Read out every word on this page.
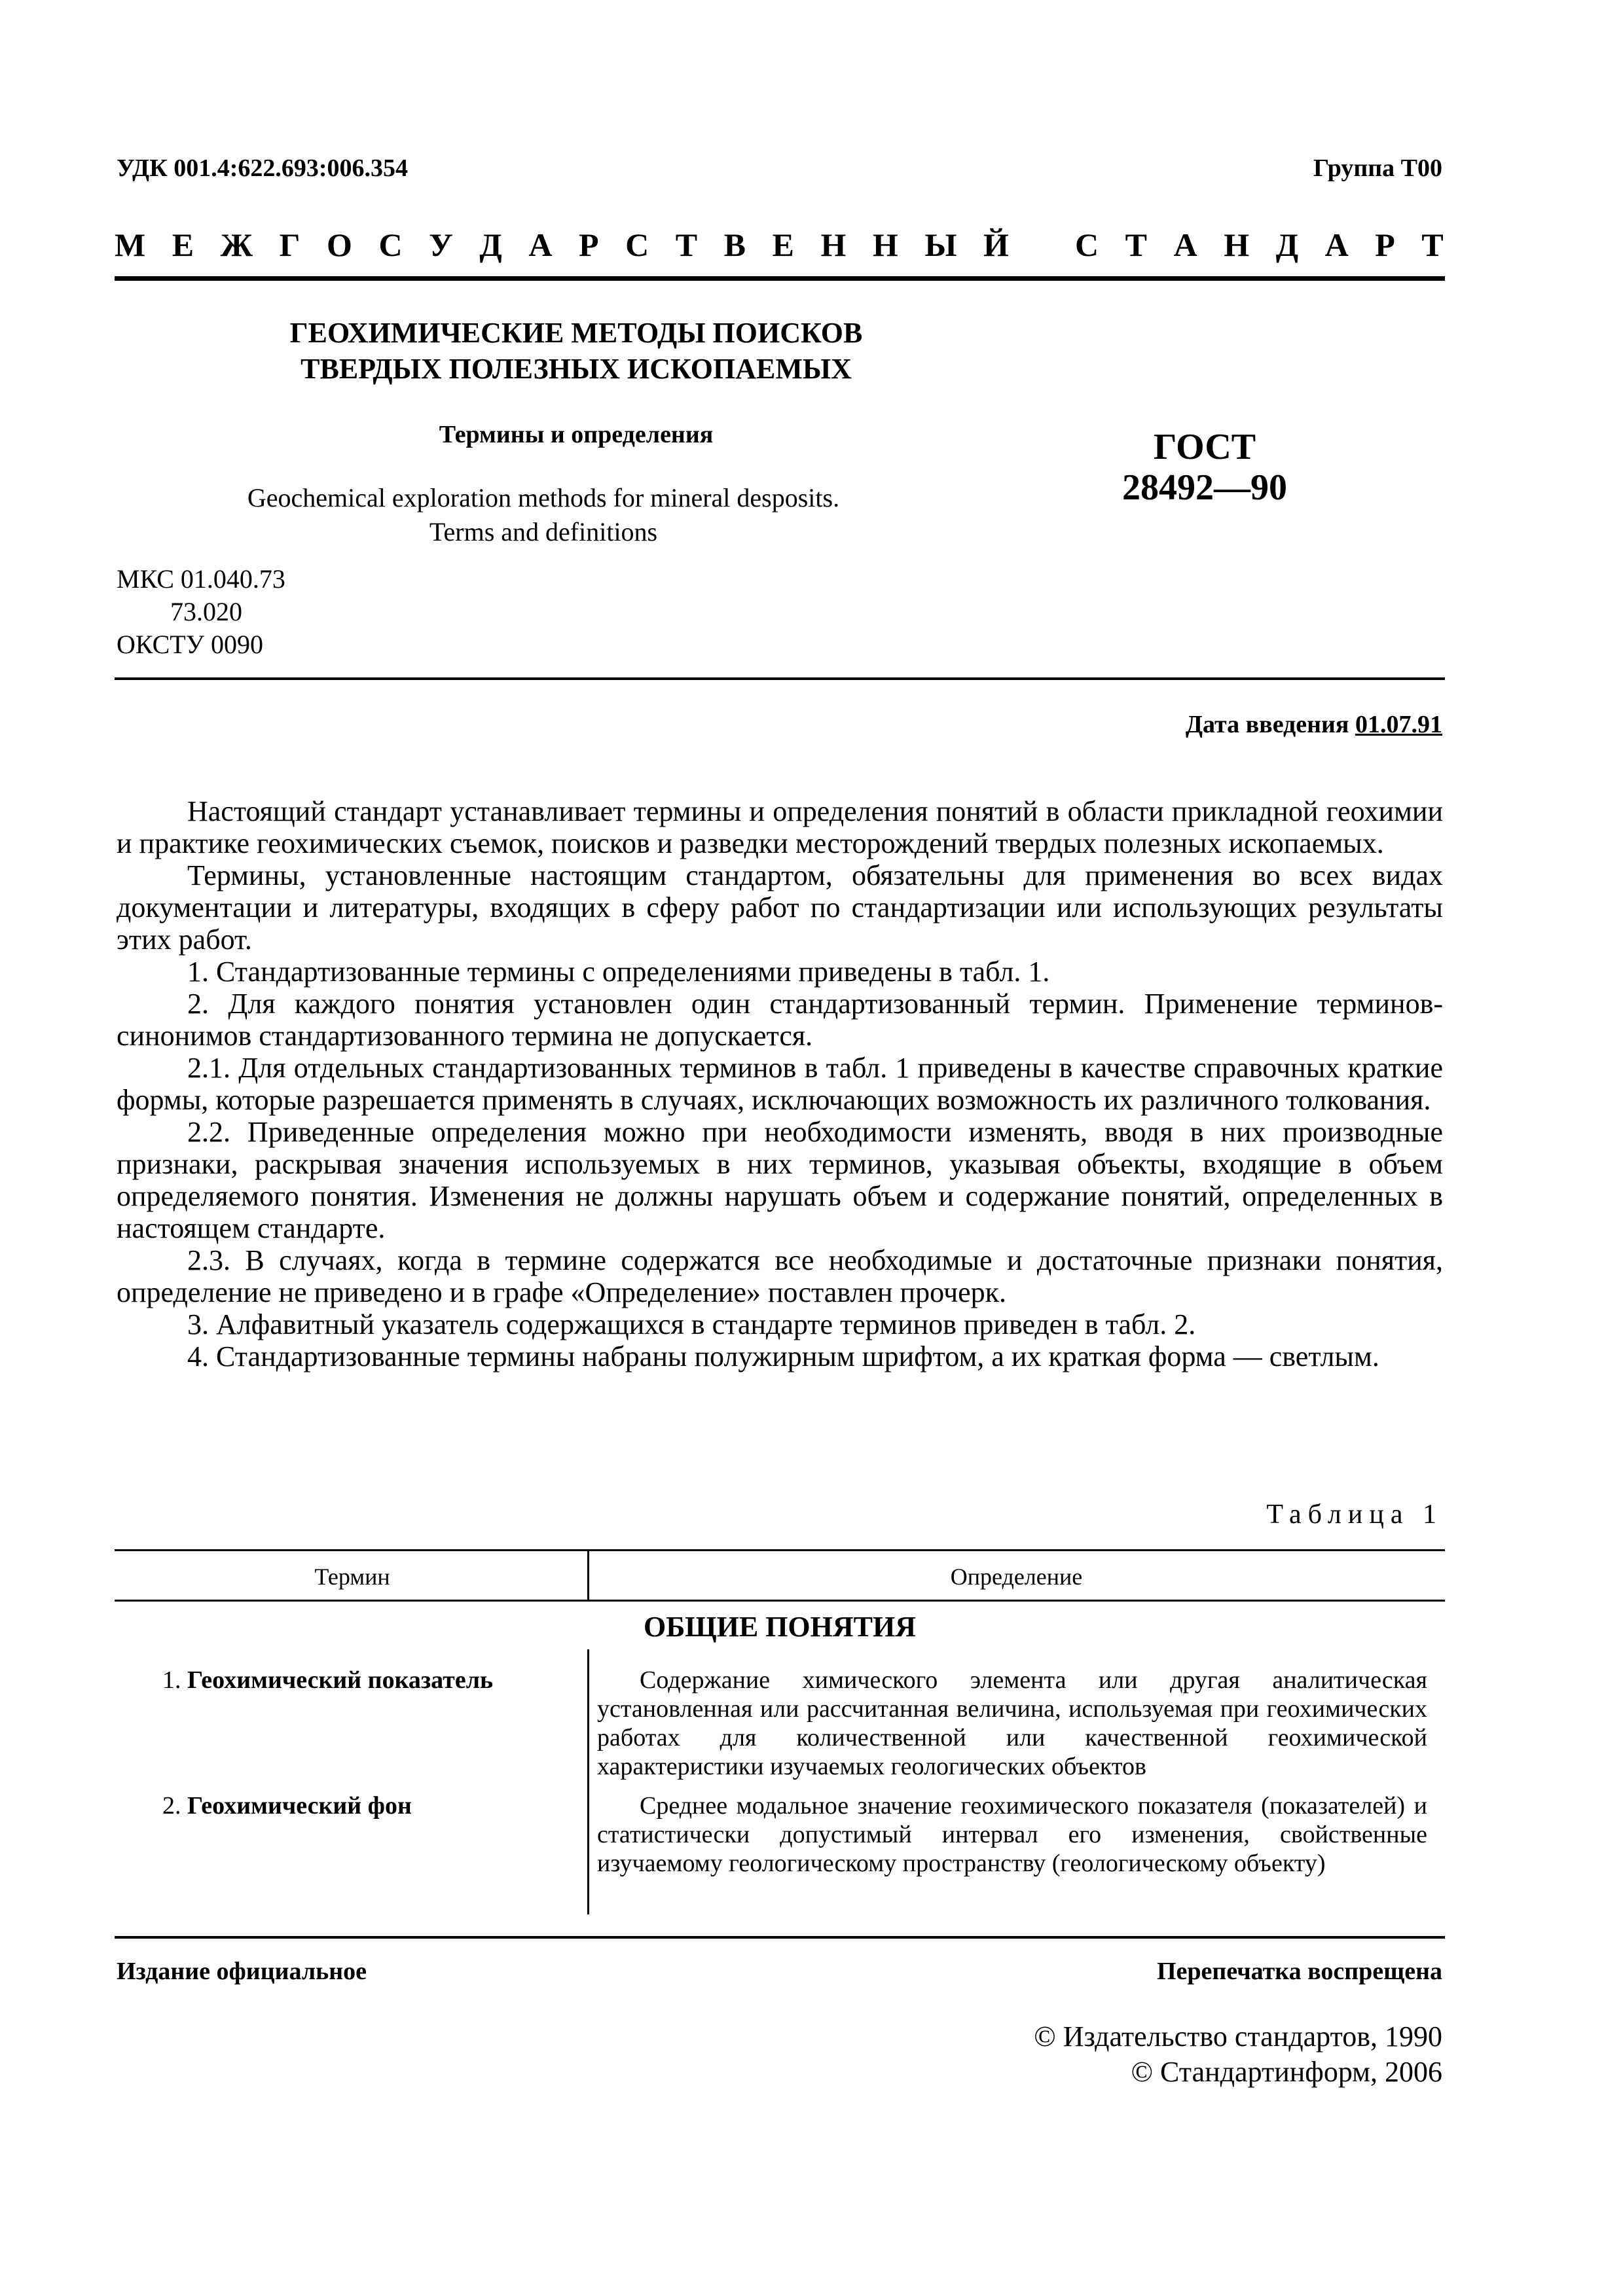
УДК 001.4:622.693:006.354	Группа Т00
М Е Ж Г О С У Д А Р С Т В Е Н Н Ы Й С Т А Н Д А Р Т
ГЕОХИМИЧЕСКИЕ МЕТОДЫ ПОИСКОВ
ТВЕРДЫХ ПОЛЕЗНЫХ ИСКОПАЕМЫХ
Термины и определения
Geochemical exploration methods for mineral desposits.
Terms and definitions
ГОСТ
28492—90
МКС 01.040.73
73.020
ОКСТУ 0090
Дата введения 01.07.91

Настоящий стандарт устанавливает термины и определения понятий в области прикладной геохимии и практике геохимических съемок, поисков и разведки месторождений твердых полезных ископаемых.

Термины, установленные настоящим стандартом, обязательны для применения во всех видах документации и литературы, входящих в сферу работ по стандартизации или использующих результаты этих работ.

1. Стандартизованные термины с определениями приведены в табл. 1.

2. Для каждого понятия установлен один стандартизованный термин. Применение терминов-синонимов стандартизованного термина не допускается.

2.1. Для отдельных стандартизованных терминов в табл. 1 приведены в качестве справочных краткие формы, которые разрешается применять в случаях, исключающих возможность их различного толкования.

2.2. Приведенные определения можно при необходимости изменять, вводя в них производные признаки, раскрывая значения используемых в них терминов, указывая объекты, входящие в объем определяемого понятия. Изменения не должны нарушать объем и содержание понятий, определенных в настоящем стандарте.

2.3. В случаях, когда в термине содержатся все необходимые и достаточные признаки понятия, определение не приведено и в графе «Определение» поставлен прочерк.

3. Алфавитный указатель содержащихся в стандарте терминов приведен в табл. 2.

4. Стандартизованные термины набраны полужирным шрифтом, а их краткая форма — светлым.

Таблица 1
Термин	Определение
ОБЩИЕ ПОНЯТИЯ
1. Геохимический показатель	Содержание химического элемента или другая аналитическая установленная или рассчитанная величина, используемая при геохимических работах для количественной или качественной геохимической характеристики изучаемых геологических объектов
2. Геохимический фон	Среднее модальное значение геохимического показателя (показателей) и статистически допустимый интервал его изменения, свойственные изучаемому геологическому пространству (геологическому объекту)
Издание официальное	Перепечатка воспрещена
© Издательство стандартов, 1990
© Стандартинформ, 2006
